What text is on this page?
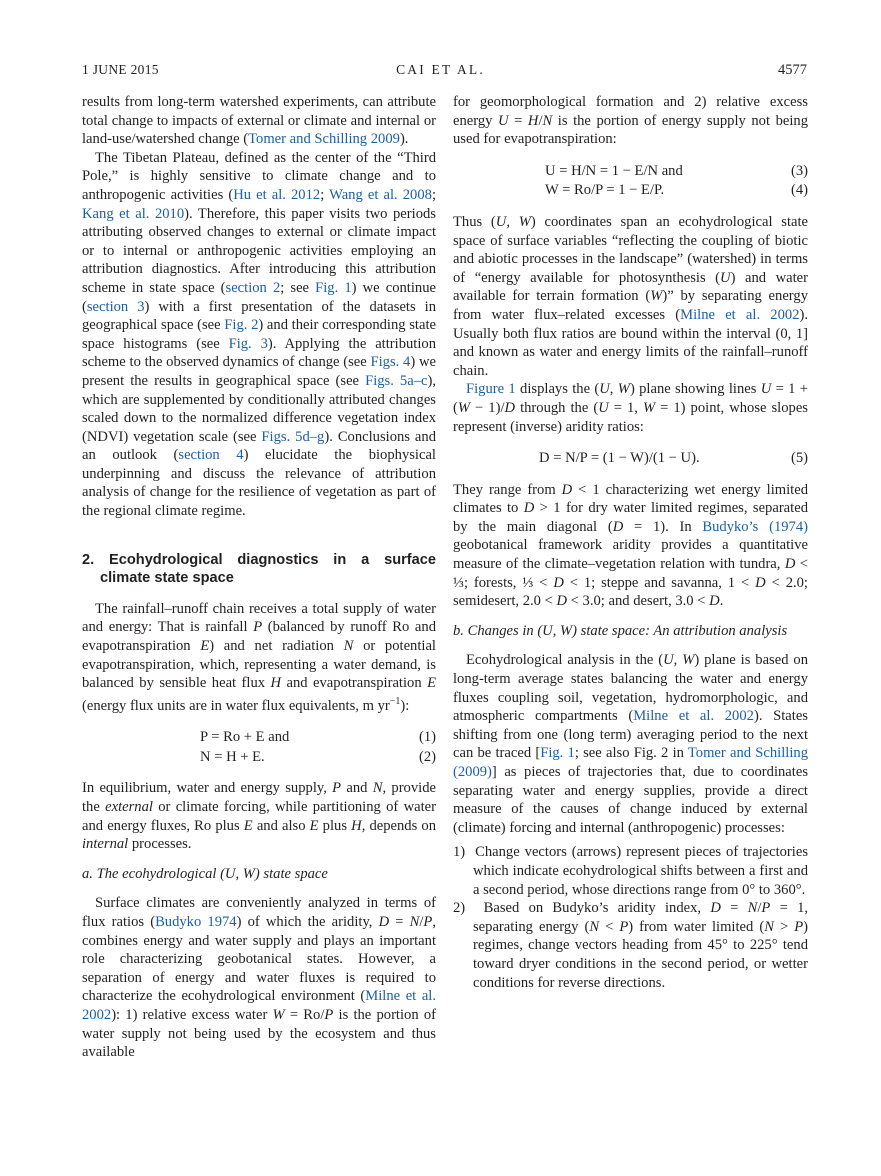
1 JUNE 2015	CAI ET AL.	4577

results from long-term watershed experiments, can attribute total change to impacts of external or climate and internal or land-use/watershed change (Tomer and Schilling 2009).

The Tibetan Plateau, defined as the center of the “Third Pole,” is highly sensitive to climate change and to anthropogenic activities (Hu et al. 2012; Wang et al. 2008; Kang et al. 2010). Therefore, this paper visits two periods attributing observed changes to external or climate impact or to internal or anthropogenic activities employing an attribution diagnostics. After introducing this attribution scheme in state space (section 2; see Fig. 1) we continue (section 3) with a first presentation of the datasets in geographical space (see Fig. 2) and their corresponding state space histograms (see Fig. 3). Applying the attribution scheme to the observed dynamics of change (see Figs. 4) we present the results in geographical space (see Figs. 5a–c), which are supplemented by conditionally attributed changes scaled down to the normalized difference vegetation index (NDVI) vegetation scale (see Figs. 5d–g). Conclusions and an outlook (section 4) elucidate the biophysical underpinning and discuss the relevance of attribution analysis of change for the resilience of vegetation as part of the regional climate regime.

2. Ecohydrological diagnostics in a surface climate state space

The rainfall–runoff chain receives a total supply of water and energy: That is rainfall P (balanced by runoff Ro and evapotranspiration E) and net radiation N or potential evapotranspiration, which, representing a water demand, is balanced by sensible heat flux H and evapotranspiration E (energy flux units are in water flux equivalents, m $yr^{-1}$):

P = Ro + E and	(1)
N = H + E.	(2)

In equilibrium, water and energy supply, P and N, provide the external or climate forcing, while partitioning of water and energy fluxes, Ro plus E and also E plus H, depends on internal processes.

a. The ecohydrological (U, W) state space

Surface climates are conveniently analyzed in terms of flux ratios (Budyko 1974) of which the aridity, D = N/P, combines energy and water supply and plays an important role characterizing geobotanical states. However, a separation of energy and water fluxes is required to characterize the ecohydrological environment (Milne et al. 2002): 1) relative excess water W = Ro/P is the portion of water supply not being used by the ecosystem and thus available

for geomorphological formation and 2) relative excess energy U = H/N is the portion of energy supply not being used for evapotranspiration:

U = H/N = 1 − E/N and	(3)
W = Ro/P = 1 − E/P.	(4)

Thus (U, W) coordinates span an ecohydrological state space of surface variables “reflecting the coupling of biotic and abiotic processes in the landscape” (watershed) in terms of “energy available for photosynthesis (U) and water available for terrain formation (W)” by separating energy from water flux–related excesses (Milne et al. 2002). Usually both flux ratios are bound within the interval (0, 1] and known as water and energy limits of the rainfall–runoff chain.

Figure 1 displays the (U, W) plane showing lines U = 1 + (W − 1)/D through the (U = 1, W = 1) point, whose slopes represent (inverse) aridity ratios:

D = N/P = (1 − W)/(1 − U).	(5)

They range from D < 1 characterizing wet energy limited climates to D > 1 for dry water limited regimes, separated by the main diagonal (D = 1). In Budyko’s (1974) geobotanical framework aridity provides a quantitative measure of the climate–vegetation relation with tundra, D < ⅓; forests, ⅓ < D < 1; steppe and savanna, 1 < D < 2.0; semidesert, 2.0 < D < 3.0; and desert, 3.0 < D.

b. Changes in (U, W) state space: An attribution analysis

Ecohydrological analysis in the (U, W) plane is based on long-term average states balancing the water and energy fluxes coupling soil, vegetation, hydromorphologic, and atmospheric compartments (Milne et al. 2002). States shifting from one (long term) averaging period to the next can be traced [Fig. 1; see also Fig. 2 in Tomer and Schilling (2009)] as pieces of trajectories that, due to coordinates separating water and energy supplies, provide a direct measure of the causes of change induced by external (climate) forcing and internal (anthropogenic) processes:

1)  Change vectors (arrows) represent pieces of trajectories which indicate ecohydrological shifts between a first and a second period, whose directions range from 0° to 360°.

2)  Based on Budyko’s aridity index, D = N/P = 1, separating energy (N < P) from water limited (N > P) regimes, change vectors heading from 45° to 225° tend toward dryer conditions in the second period, or wetter conditions for reverse directions.
